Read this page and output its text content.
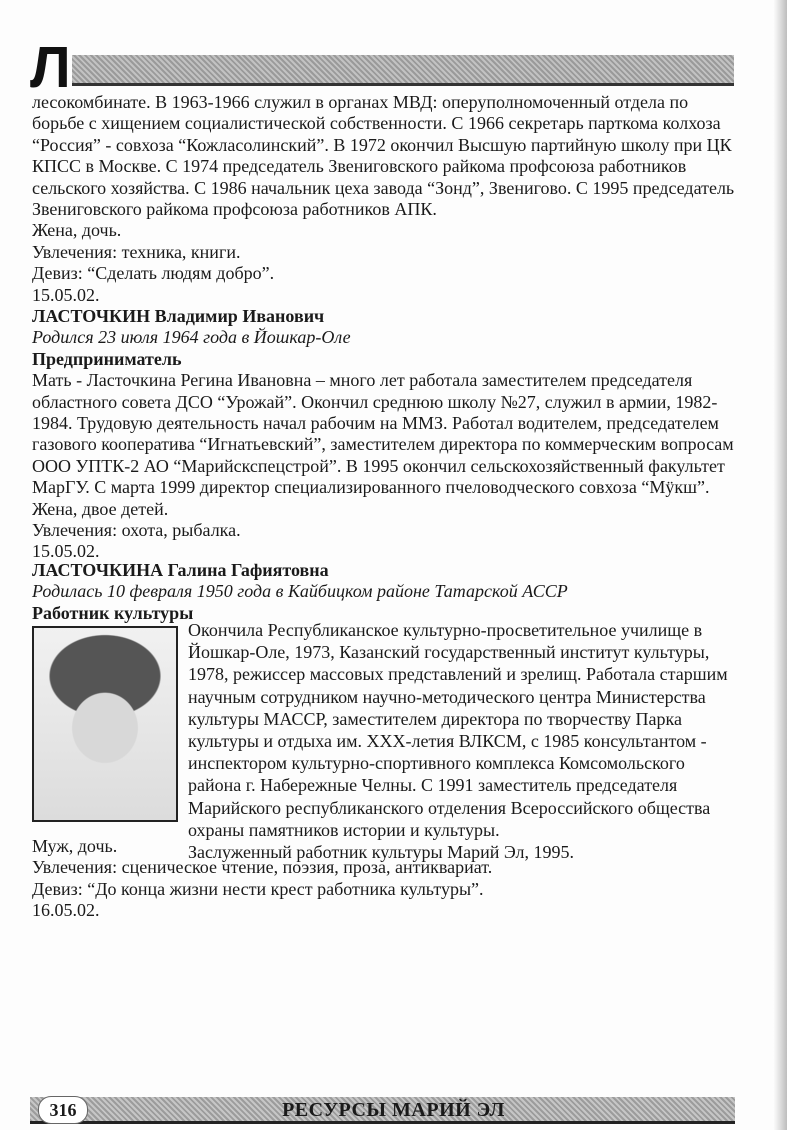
Л
лесокомбинате. В 1963-1966 служил в органах МВД: оперуполномоченный отдела по
борьбе с хищением социалистической собственности. С 1966 секретарь парткома колхоза
“Россия” - совхоза “Кожласолинский”. В 1972 окончил Высшую партийную школу при ЦК
КПСС в Москве. С 1974 председатель Звениговского райкома профсоюза работников
сельского хозяйства. С 1986 начальник цеха завода “Зонд”, Звенигово. С 1995 председатель
Звениговского райкома профсоюза работников АПК.
Жена, дочь.
Увлечения: техника, книги.
Девиз: “Сделать людям добро”.
15.05.02.
ЛАСТОЧКИН Владимир Иванович
Родился 23 июля 1964 года в Йошкар-Оле
Предприниматель
Мать - Ласточкина Регина Ивановна – много лет работала заместителем председателя
областного совета ДСО “Урожай”. Окончил среднюю школу №27, служил в армии, 1982-
1984. Трудовую деятельность начал рабочим на ММЗ. Работал водителем, председателем
газового кооператива “Игнатьевский”, заместителем директора по коммерческим вопросам
ООО УПТК-2 АО “Марийскспецстрой”. В 1995 окончил сельскохозяйственный факультет
МарГУ. С марта 1999 директор специализированного пчеловодческого совхоза “Мӱкш”.
Жена, двое детей.
Увлечения: охота, рыбалка.
15.05.02.
ЛАСТОЧКИНА Галина Гафиятовна
Родилась 10 февраля 1950 года в Кайбицком районе Татарской АССР
Работник культуры
Окончила Республиканское культурно-просветительное училище в
Йошкар-Оле, 1973, Казанский государственный институт культуры,
1978, режиссер массовых представлений и зрелищ. Работала старшим
научным сотрудником научно-методического центра Министерства
культуры МАССР, заместителем директора по творчеству Парка
культуры и отдыха им. XXX-летия ВЛКСМ, с 1985 консультантом -
инспектором культурно-спортивного комплекса Комсомольского
района г. Набережные Челны. С 1991 заместитель председателя
Марийского республиканского отделения Всероссийского общества
охраны памятников истории и культуры.
Заслуженный работник культуры Марий Эл, 1995.
Муж, дочь.
Увлечения: сценическое чтение, поэзия, проза, антиквариат.
Девиз: “До конца жизни нести крест работника культуры”.
16.05.02.
316	РЕСУРСЫ МАРИЙ ЭЛ
